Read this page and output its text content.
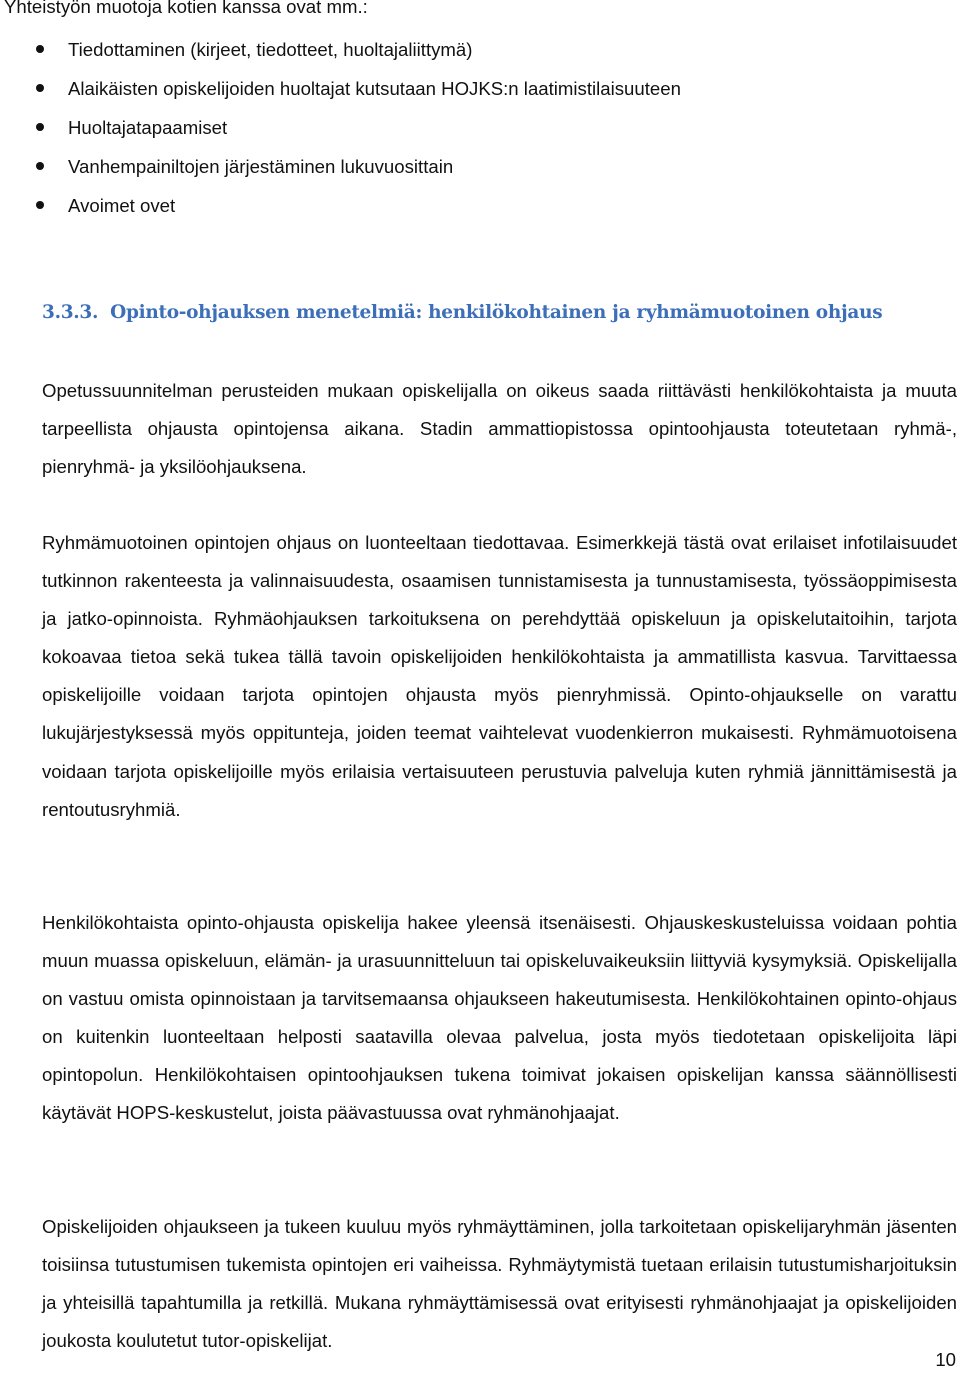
Yhteistyön muotoja kotien kanssa ovat mm.:

Tiedottaminen (kirjeet, tiedotteet, huoltajaliittymä)
Alaikäisten opiskelijoiden huoltajat kutsutaan HOJKS:n laatimistilaisuuteen
Huoltajatapaamiset
Vanhempainiltojen järjestäminen lukuvuosittain
Avoimet ovet
3.3.3. Opinto-ohjauksen menetelmiä: henkilökohtainen ja ryhmämuotoinen ohjaus

Opetussuunnitelman perusteiden mukaan opiskelijalla on oikeus saada riittävästi henkilökohtaista ja muuta tarpeellista ohjausta opintojensa aikana. Stadin ammattiopistossa opintoohjausta toteutetaan ryhmä-, pienryhmä- ja yksilöohjauksena.

Ryhmämuotoinen opintojen ohjaus on luonteeltaan tiedottavaa. Esimerkkejä tästä ovat erilaiset infotilaisuudet tutkinnon rakenteesta ja valinnaisuudesta, osaamisen tunnistamisesta ja tunnustamisesta, työssäoppimisesta ja jatko-opinnoista. Ryhmäohjauksen tarkoituksena on perehdyttää opiskeluun ja opiskelutaitoihin, tarjota kokoavaa tietoa sekä tukea tällä tavoin opiskelijoiden henkilökohtaista ja ammatillista kasvua. Tarvittaessa opiskelijoille voidaan tarjota opintojen ohjausta myös pienryhmissä. Opinto-ohjaukselle on varattu lukujärjestyksessä myös oppitunteja, joiden teemat vaihtelevat vuodenkierron mukaisesti. Ryhmämuotoisena voidaan tarjota opiskelijoille myös erilaisia vertaisuuteen perustuvia palveluja kuten ryhmiä jännittämisestä ja rentoutusryhmiä.

Henkilökohtaista opinto-ohjausta opiskelija hakee yleensä itsenäisesti. Ohjauskeskusteluissa voidaan pohtia muun muassa opiskeluun, elämän- ja urasuunnitteluun tai opiskeluvaikeuksiin liittyviä kysymyksiä. Opiskelijalla on vastuu omista opinnoistaan ja tarvitsemaansa ohjaukseen hakeutumisesta. Henkilökohtainen opinto-ohjaus on kuitenkin luonteeltaan helposti saatavilla olevaa palvelua, josta myös tiedotetaan opiskelijoita läpi opintopolun. Henkilökohtaisen opintoohjauksen tukena toimivat jokaisen opiskelijan kanssa säännöllisesti käytävät HOPS-keskustelut, joista päävastuussa ovat ryhmänohjaajat.

Opiskelijoiden ohjaukseen ja tukeen kuuluu myös ryhmäyttäminen, jolla tarkoitetaan opiskelijaryhmän jäsenten toisiinsa tutustumisen tukemista opintojen eri vaiheissa. Ryhmäytymistä tuetaan erilaisin tutustumisharjoituksin ja yhteisillä tapahtumilla ja retkillä. Mukana ryhmäyttämisessä ovat erityisesti ryhmänohjaajat ja opiskelijoiden joukosta koulutetut tutor-opiskelijat.

10
